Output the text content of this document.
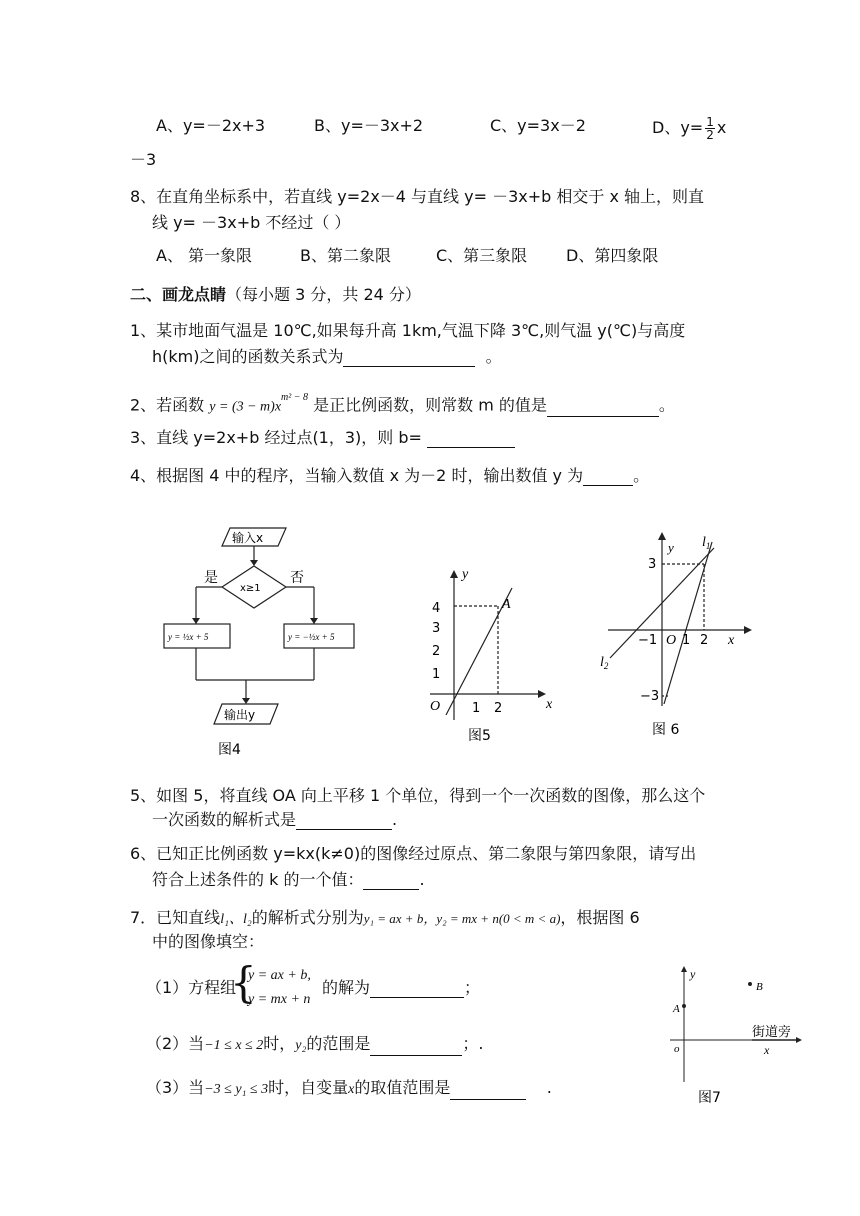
A、y=－2x+3	B、y=－3x+2	C、y=3x－2	D、$y= \frac{1}{2}$ x
－3
8、在直角坐标系中，若直线 y=2x－4 与直线 y= －3x+b 相交于 x 轴上，则直
线 y= －3x+b 不经过（ ）
A、 第一象限	B、第二象限	C、第三象限 D、第四象限
二、画龙点睛（每小题 3 分，共 24 分）
1、某市地面气温是 10℃,如果每升高 1km,气温下降 3℃,则气温 y(℃)与高度
h(km)之间的函数关系式为	。
2、若函数 $y = (3 - m)x^{m^2 - 8}$ 是正比例函数，则常数 m 的值是	。
3、直线 y=2x+b 经过点(1，3)，则 b=
4、根据图 4 中的程序，当输入数值 x 为－2 时，输出数值 y 为	。
输入x
x≥1
是	否
y = ½x + 5	y = −½x + 5
输出y
图4
y
x
O
A
4
3
2
1
1 2
图5
y
x
O
$l_1$
$l_2$
3
−3
−1 1 2
图 6
5、如图 5，将直线 OA 向上平移 1 个单位，得到一个一次函数的图像，那么这个
一次函数的解析式是	.
6、已知正比例函数 y=kx(k≠0)的图像经过原点、第二象限与第四象限，请写出
符合上述条件的 k 的一个值：	.
7．已知直线l₁、l₂的解析式分别为y₁ = ax + b，y₂ = mx + n(0 < m < a)，根据图 6
中的图像填空：
（1）方程组
{
y = ax + b,
y = mx + n
的解为	；
（2）当−1 ≤ x ≤ 2时，y₂的范围是	；.
（3）当−3 ≤ y₁ ≤ 3时，自变量x的取值范围是	.
y
x
o
A
B
街道旁
图7
